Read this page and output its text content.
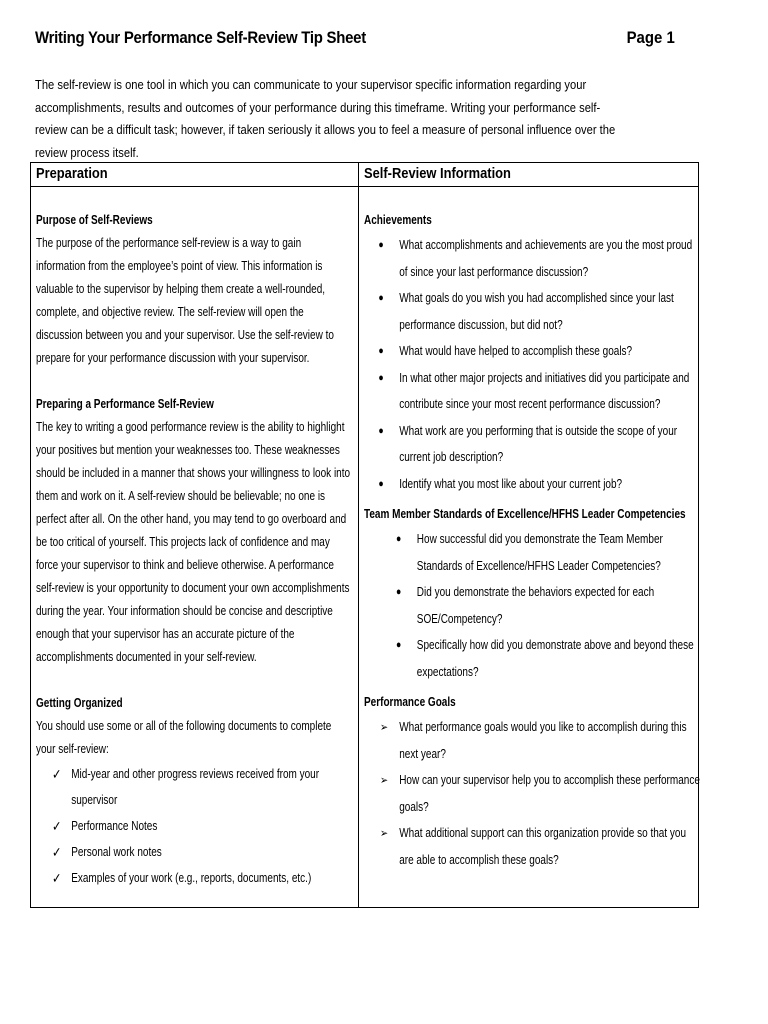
Writing Your Performance Self-Review Tip Sheet	Page 1
The self-review is one tool in which you can communicate to your supervisor specific information regarding your accomplishments, results and outcomes of your performance during this timeframe. Writing your performance self-review can be a difficult task; however, if taken seriously it allows you to feel a measure of personal influence over the review process itself.
Preparation	Self-Review Information
Purpose of Self-Reviews

The purpose of the performance self-review is a way to gain information from the employee’s point of view. This information is valuable to the supervisor by helping them create a well-rounded, complete, and objective review. The self-review will open the discussion between you and your supervisor. Use the self-review to prepare for your performance discussion with your supervisor.

Preparing a Performance Self-Review

The key to writing a good performance review is the ability to highlight your positives but mention your weaknesses too. These weaknesses should be included in a manner that shows your willingness to look into them and work on it. A self-review should be believable; no one is perfect after all. On the other hand, you may tend to go overboard and be too critical of yourself. This projects lack of confidence and may force your supervisor to think and believe otherwise. A performance self-review is your opportunity to document your own accomplishments during the year. Your information should be concise and descriptive enough that your supervisor has an accurate picture of the accomplishments documented in your self-review.

Getting Organized

You should use some or all of the following documents to complete your self-review:

✓ Mid-year and other progress reviews received from your supervisor
✓ Performance Notes
✓ Personal work notes
✓ Examples of your work (e.g., reports, documents, etc.)
Achievements
● What accomplishments and achievements are you the most proud of since your last performance discussion?
● What goals do you wish you had accomplished since your last performance discussion, but did not?
● What would have helped to accomplish these goals?
● In what other major projects and initiatives did you participate and contribute since your most recent performance discussion?
● What work are you performing that is outside the scope of your current job description?
● Identify what you most like about your current job?
Team Member Standards of Excellence/HFHS Leader Competencies
● How successful did you demonstrate the Team Member Standards of Excellence/HFHS Leader Competencies?
● Did you demonstrate the behaviors expected for each SOE/Competency?
● Specifically how did you demonstrate above and beyond these expectations?
Performance Goals
➢ What performance goals would you like to accomplish during this next year?
➢ How can your supervisor help you to accomplish these performance goals?
➢ What additional support can this organization provide so that you are able to accomplish these goals?
